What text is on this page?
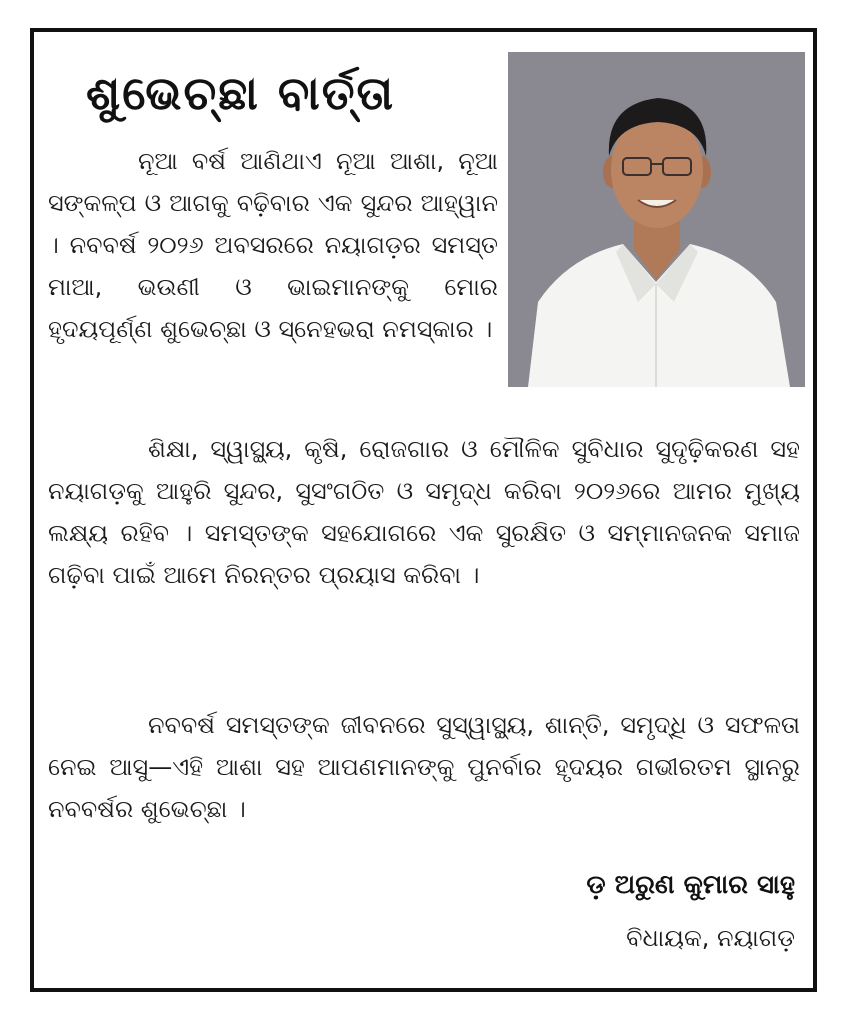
ଶୁଭେଚ୍ଛା ବାର୍ତ୍ତା

ନୂଆ ବର୍ଷ ଆଣିଥାଏ ନୂଆ ଆଶା, ନୂଆ ସଙ୍କଳ୍ପ ଓ ଆଗକୁ ବଢ଼ିବାର ଏକ ସୁନ୍ଦର ଆହ୍ୱାନ । ନବବର୍ଷ ୨୦୨୬ ଅବସରରେ ନୟାଗଡ଼ର ସମସ୍ତ ମାଆ, ଭଉଣୀ ଓ ଭାଇମାନଙ୍କୁ ମୋର ହୃଦୟପୂର୍ଣ୍ଣ ଶୁଭେଚ୍ଛା ଓ ସ୍ନେହଭରା ନମସ୍କାର ।

ଶିକ୍ଷା, ସ୍ୱାସ୍ଥ୍ୟ, କୃଷି, ରୋଜଗାର ଓ ମୌଳିକ ସୁବିଧାର ସୁଦୃଢ଼ିକରଣ ସହ ନୟାଗଡ଼କୁ ଆହୁରି ସୁନ୍ଦର, ସୁସଂଗଠିତ ଓ ସମୃଦ୍ଧ କରିବା ୨୦୨୬ରେ ଆମର ମୁଖ୍ୟ ଲକ୍ଷ୍ୟ ରହିବ । ସମସ୍ତଙ୍କ ସହଯୋଗରେ ଏକ ସୁରକ୍ଷିତ ଓ ସମ୍ମାନଜନକ ସମାଜ ଗଢ଼ିବା ପାଇଁ ଆମେ ନିରନ୍ତର ପ୍ରୟାସ କରିବା ।

ନବବର୍ଷ ସମସ୍ତଙ୍କ ଜୀବନରେ ସୁସ୍ୱାସ୍ଥ୍ୟ, ଶାନ୍ତି, ସମୃଦ୍ଧି ଓ ସଫଳତା ନେଇ ଆସୁ—ଏହି ଆଶା ସହ ଆପଣମାନଙ୍କୁ ପୁନର୍ବାର ହୃଦୟର ଗଭୀରତମ ସ୍ଥାନରୁ ନବବର୍ଷର ଶୁଭେଚ୍ଛା ।

ଡ଼ ଅରୁଣ କୁମାର ସାହୁ
ବିଧାୟକ, ନୟାଗଡ଼
